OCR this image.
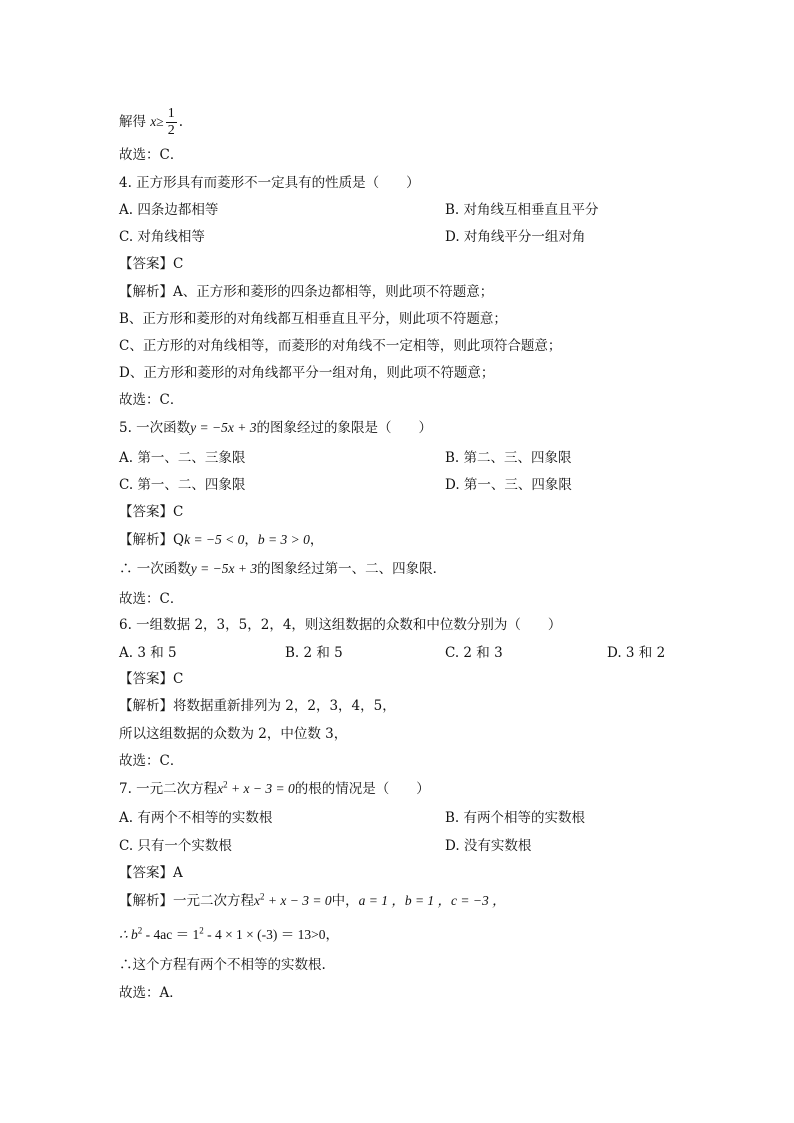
解得 $x\ge \frac{1}{2}$ .
故选：C．
4. 正方形具有而菱形不一定具有的性质是（　　）
A. 四条边都相等	B. 对角线互相垂直且平分
C. 对角线相等	D. 对角线平分一组对角
【答案】C
【解析】A、正方形和菱形的四条边都相等，则此项不符题意；
B、正方形和菱形的对角线都互相垂直且平分，则此项不符题意；
C、正方形的对角线相等，而菱形的对角线不一定相等，则此项符合题意；
D、正方形和菱形的对角线都平分一组对角，则此项不符题意；
故选：C．
5. 一次函数y = −5x + 3的图象经过的象限是（　　）
A. 第一、二、三象限	B. 第二、三、四象限
C. 第一、二、四象限	D. 第一、三、四象限
【答案】C
【解析】Qk = −5 < 0，b = 3 > 0，
∴ 一次函数y = −5x + 3的图象经过第一、二、四象限．
故选：C．
6. 一组数据 2，3，5，2，4，则这组数据的众数和中位数分别为（　　）
A. 3 和 5	B. 2 和 5	C. 2 和 3	D. 3 和 2
【答案】C
【解析】将数据重新排列为 2，2，3，4，5，
所以这组数据的众数为 2，中位数 3，
故选：C．
7. 一元二次方程$x^2 + x - 3 = 0$的根的情况是（　　）
A. 有两个不相等的实数根	B. 有两个相等的实数根
C. 只有一个实数根	D. 没有实数根
【答案】A
【解析】一元二次方程$x^2 + x - 3 = 0$中，a = 1 ，b = 1 ，c = −3 ，
∴ $b^2 - 4ac = 1^2 - 4 \times 1 \times (-3) = 13>0$，
∴这个方程有两个不相等的实数根.
故选：A．
